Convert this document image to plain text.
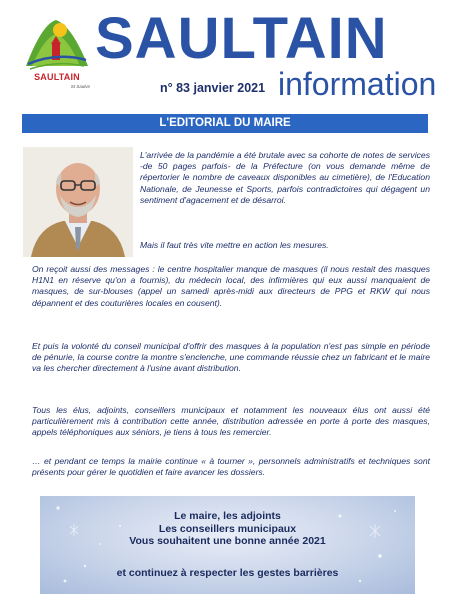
SAULTAIN
St Saulve
SAULTAIN
n° 83 janvier 2021 information
L'EDITORIAL DU MAIRE

L'arrivée de la pandémie a été brutale avec sa cohorte de notes de services -de 50 pages parfois- de la Préfecture (on vous demande même de répertorier le nombre de caveaux disponibles au cimetière), de l'Education Nationale, de Jeunesse et Sports, parfois contradictoires qui dégagent un sentiment d'agacement et de désarroi.

Mais il faut très vite mettre en action les mesures.

On reçoit aussi des messages : le centre hospitalier manque de masques (il nous restait des masques H1N1 en réserve qu'on a fournis), du médecin local, des infirmières qui eux aussi manquaient de masques, de sur-blouses (appel un samedi après-midi aux directeurs de PPG et RKW qui nous dépannent et des couturières locales en cousent).

Et puis la volonté du conseil municipal d'offrir des masques à la population n'est pas simple en période de pénurie, la course contre la montre s'enclenche, une commande réussie chez un fabricant et le maire va les chercher directement à l'usine avant distribution.

Tous les élus, adjoints, conseillers municipaux et notamment les nouveaux élus ont aussi été particulièrement mis à contribution cette année, distribution adressée en porte à porte des masques, appels téléphoniques aux séniors, je tiens à tous les remercier.

… et pendant ce temps la mairie continue « à tourner », personnels administratifs et techniques sont présents pour gérer le quotidien et faire avancer les dossiers.

Le maire, les adjoints
Les conseillers municipaux
Vous souhaitent une bonne année 2021
et continuez à respecter les gestes barrières
